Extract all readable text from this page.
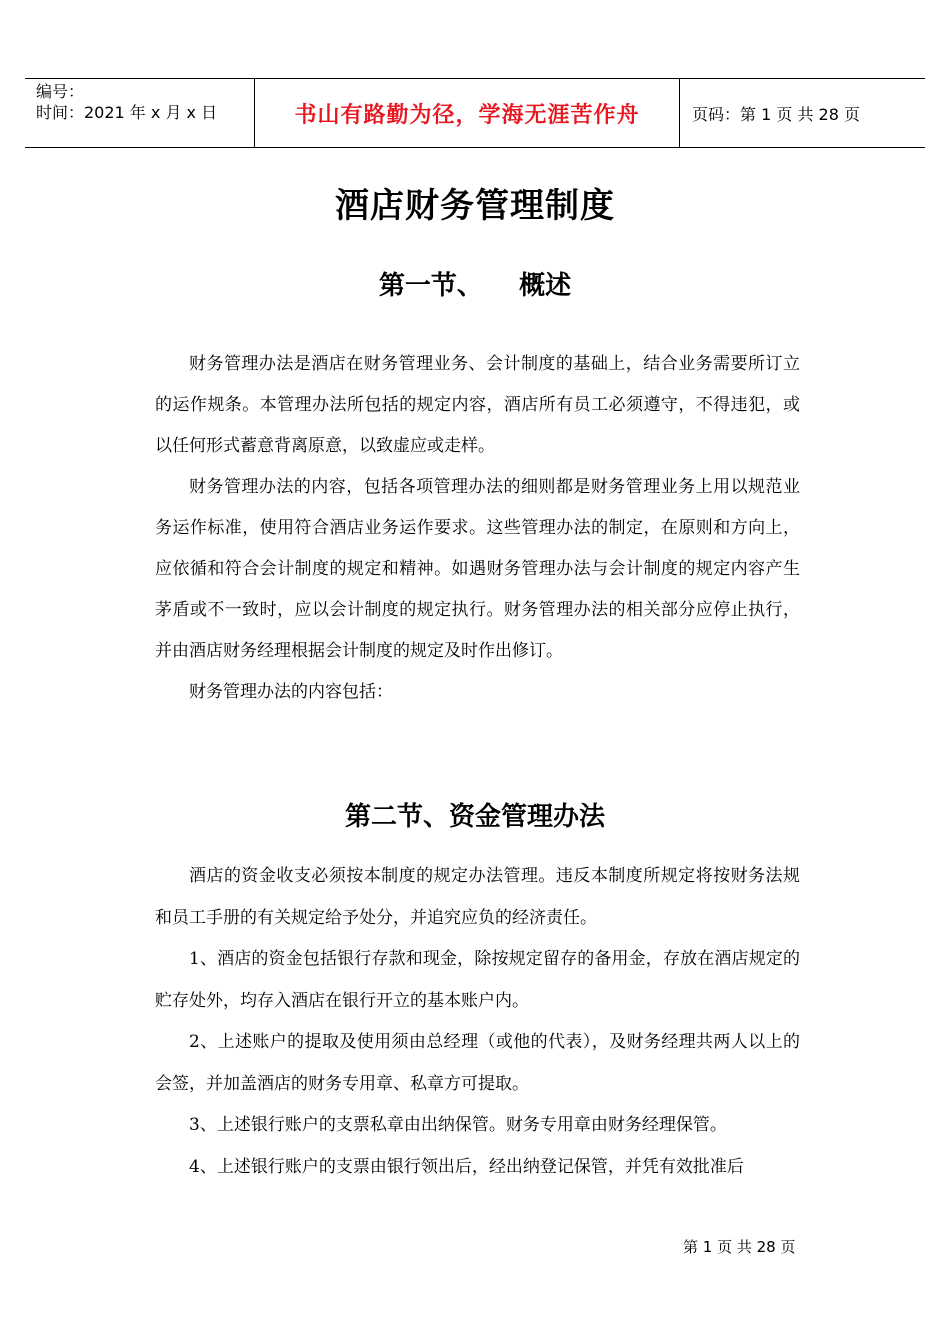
编号：
时间：2021 年 x 月 x 日	书山有路勤为径，学海无涯苦作舟	页码：第 1 页 共 28 页
酒店财务管理制度
第一节、    概述

财务管理办法是酒店在财务管理业务、会计制度的基础上，结合业务需要所订立的运作规条。本管理办法所包括的规定内容，酒店所有员工必须遵守，不得违犯，或以任何形式蓄意背离原意，以致虚应或走样。

财务管理办法的内容，包括各项管理办法的细则都是财务管理业务上用以规范业务运作标准，使用符合酒店业务运作要求。这些管理办法的制定，在原则和方向上，应依循和符合会计制度的规定和精神。如遇财务管理办法与会计制度的规定内容产生茅盾或不一致时，应以会计制度的规定执行。财务管理办法的相关部分应停止执行，并由酒店财务经理根据会计制度的规定及时作出修订。

财务管理办法的内容包括：

第二节、资金管理办法

酒店的资金收支必须按本制度的规定办法管理。违反本制度所规定将按财务法规和员工手册的有关规定给予处分，并追究应负的经济责任。

1、酒店的资金包括银行存款和现金，除按规定留存的备用金，存放在酒店规定的贮存处外，均存入酒店在银行开立的基本账户内。

2、上述账户的提取及使用须由总经理（或他的代表），及财务经理共两人以上的会签，并加盖酒店的财务专用章、私章方可提取。

3、上述银行账户的支票私章由出纳保管。财务专用章由财务经理保管。

4、上述银行账户的支票由银行领出后，经出纳登记保管，并凭有效批准后

第 1 页 共 28 页
